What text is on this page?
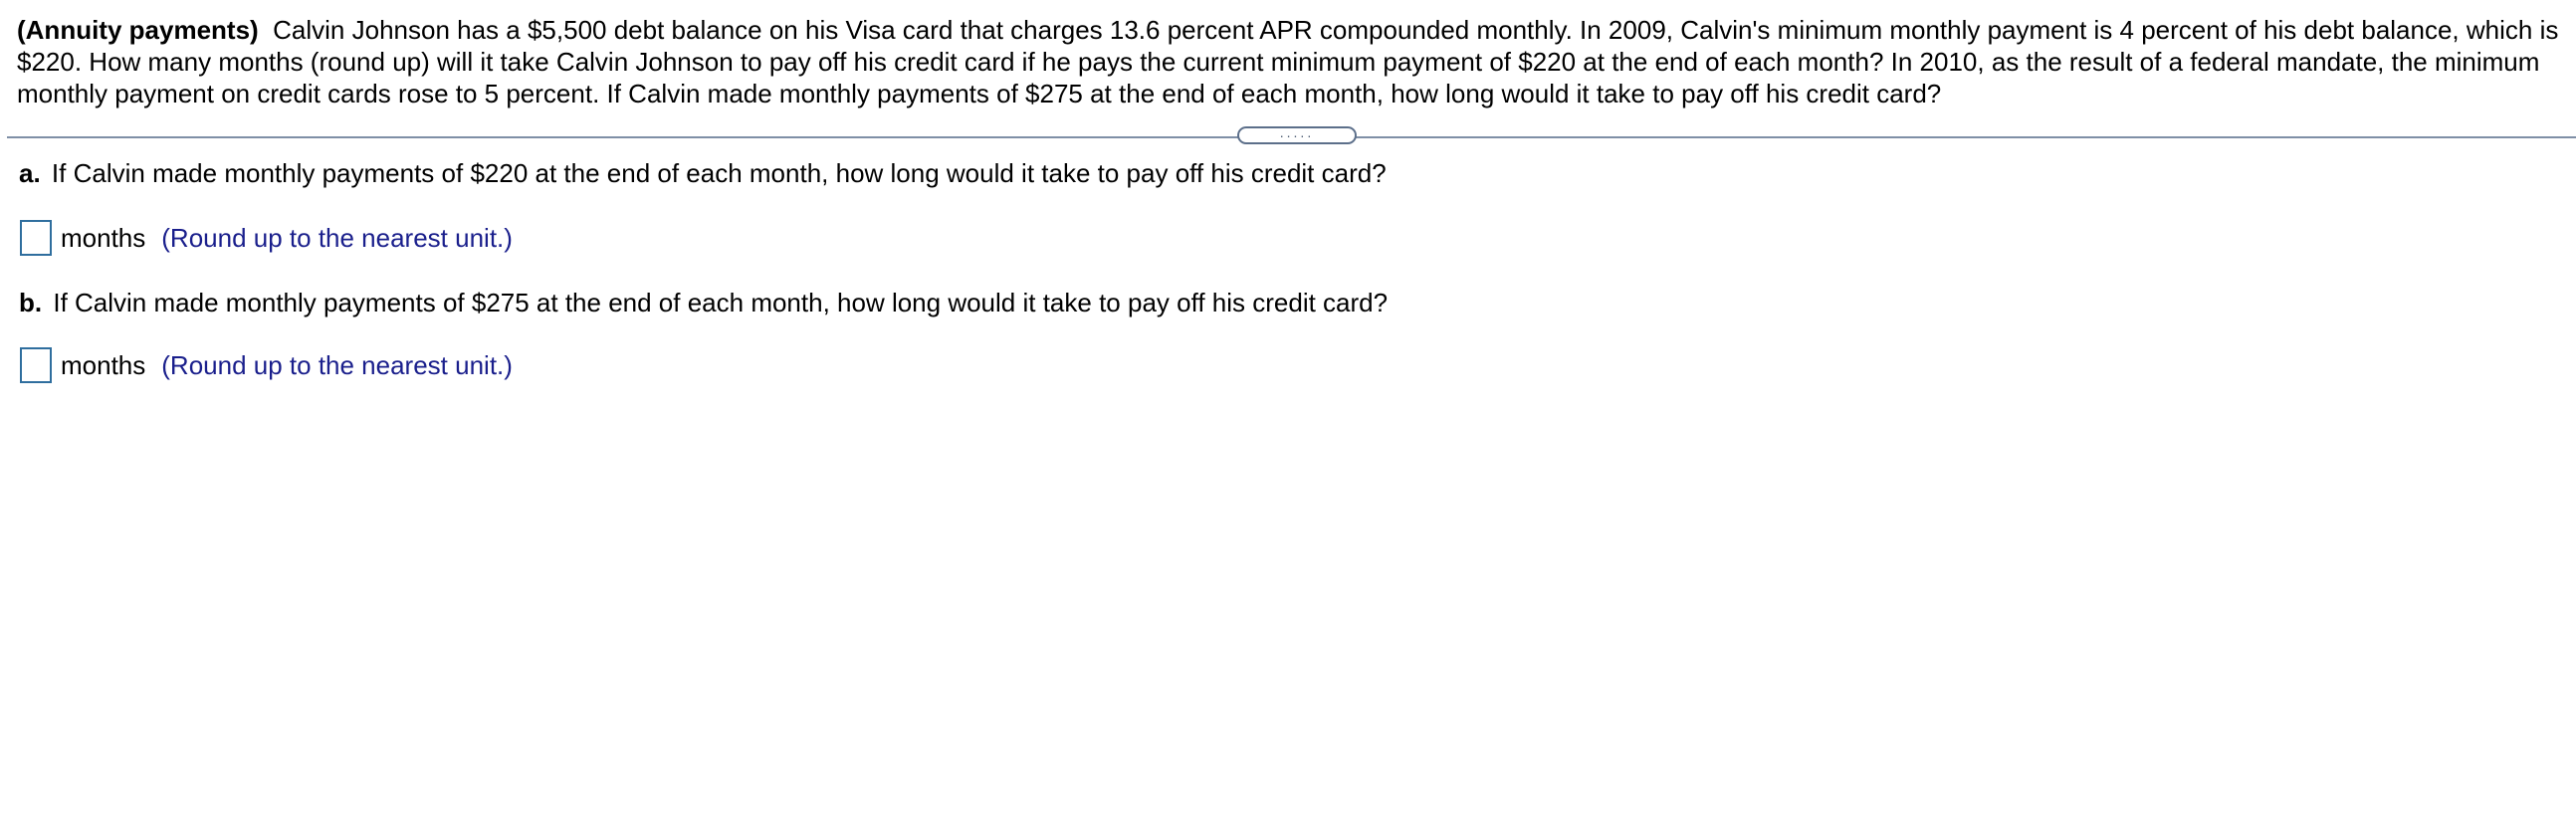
(Annuity payments) Calvin Johnson has a $5,500 debt balance on his Visa card that charges 13.6 percent APR compounded monthly. In 2009, Calvin's minimum monthly payment is 4 percent of his debt balance, which is $220. How many months (round up) will it take Calvin Johnson to pay off his credit card if he pays the current minimum payment of $220 at the end of each month? In 2010, as the result of a federal mandate, the minimum monthly payment on credit cards rose to 5 percent. If Calvin made monthly payments of $275 at the end of each month, how long would it take to pay off his credit card?
.....
a. If Calvin made monthly payments of $220 at the end of each month, how long would it take to pay off his credit card?
months (Round up to the nearest unit.)
b. If Calvin made monthly payments of $275 at the end of each month, how long would it take to pay off his credit card?
months (Round up to the nearest unit.)
